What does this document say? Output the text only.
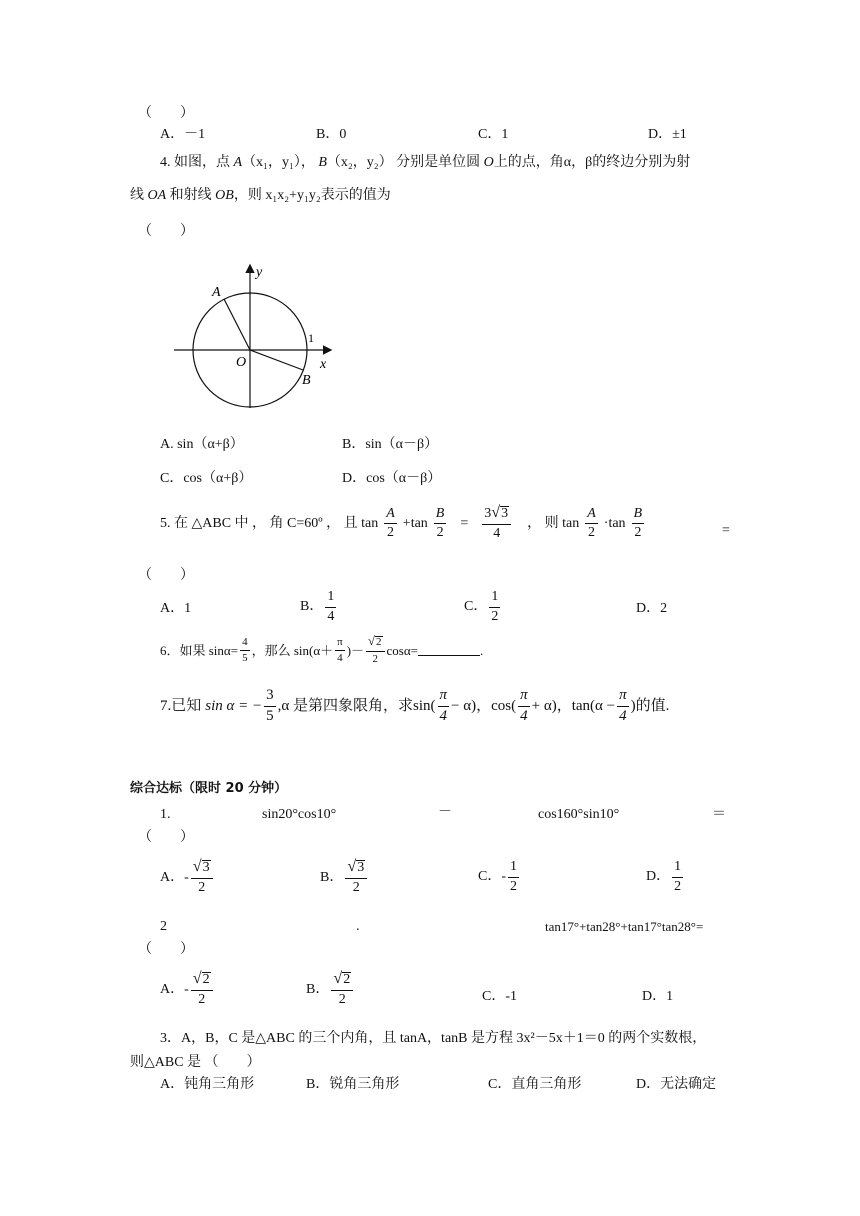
（　　）
A．－1	B．0	C．1	D．±1
4. 如图，点 A（x₁，y₁）， B（x₂，y₂） 分别是单位圆 O上的点，角α，β的终边分别为射
线 OA 和射线 OB，则 x₁x₂+y₁y₂表示的值为
（　　）
A
B
O	x
y
1
A. sin（α+β）	B．sin（α－β）
C．cos（α+β）	D．cos（α－β）
5. 在 △ABC 中 ， 角 C=60º ， 且 $\tan \frac{A}{2} +\tan \frac{B}{2} = \frac{3 √ 3}{4}$ ， 则 $\tan \frac{A}{2} \cdot\tan \frac{B}{2}$	=
（　　）
A．1	B． $\frac{1}{4}$	C． $\frac{1}{2}$	D．2
6．如果 $\sin\alpha= \frac{4}{5}$ ，那么 $\sin(\alpha+ \frac{\pi}{4}$ )－ $\frac{√ 2}{2} \cos\alpha=$	.
7.已知 sin α = − $\frac{3}{5} ,\alpha$ 是第四象限角，求 $\sin( \frac{\pi}{4} - \alpha)$ ， $\cos( \frac{\pi}{4} + \alpha)$ ， $\tan(\alpha - \frac{\pi}{4}$ ) 的值.
综合达标（限时 20 分钟）
1.	sin20°cos10°	－	cos160°sin10°	＝
（　　）
A．- $\frac{√ 3}{2}$	B． $\frac{√ 3}{2}$	C．- $\frac{1}{2}$	D． $\frac{1}{2}$
2	.	tan17°+tan28°+tan17°tan28°=
（　　）
A．- $\frac{√ 2}{2}$	B． $\frac{√ 2}{2}$	C．-1	D．1
3．A，B，C 是△ABC 的三个内角，且 tanA，tanB 是方程 3x²－5x＋1＝0 的两个实数根，
则△ABC 是 （　　）
A．钝角三角形	B．锐角三角形	C．直角三角形	D．无法确定
